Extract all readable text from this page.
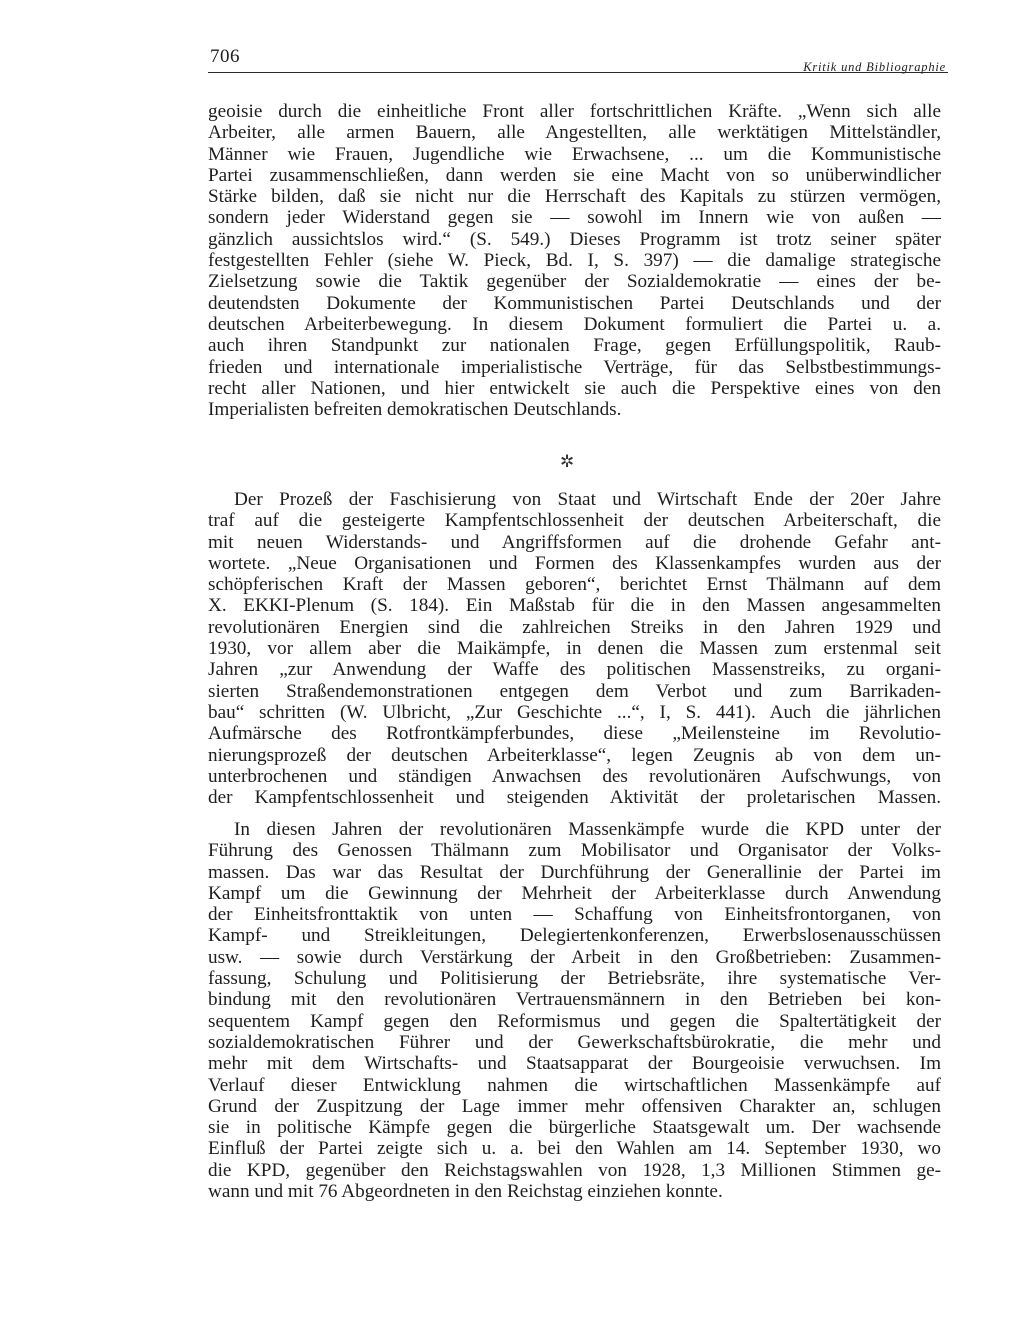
706	Kritik und Bibliographie

geoisie durch die einheitliche Front aller fortschrittlichen Kräfte. „Wenn sich alle
Arbeiter, alle armen Bauern, alle Angestellten, alle werktätigen Mittelständler,
Männer wie Frauen, Jugendliche wie Erwachsene, ... um die Kommunistische
Partei zusammenschließen, dann werden sie eine Macht von so unüberwindlicher
Stärke bilden, daß sie nicht nur die Herrschaft des Kapitals zu stürzen vermögen,
sondern jeder Widerstand gegen sie — sowohl im Innern wie von außen —
gänzlich aussichtslos wird.“ (S. 549.) Dieses Programm ist trotz seiner später
festgestellten Fehler (siehe W. Pieck, Bd. I, S. 397) — die damalige strategische
Zielsetzung sowie die Taktik gegenüber der Sozialdemokratie — eines der be-
deutendsten Dokumente der Kommunistischen Partei Deutschlands und der
deutschen Arbeiterbewegung. In diesem Dokument formuliert die Partei u. a.
auch ihren Standpunkt zur nationalen Frage, gegen Erfüllungspolitik, Raub-
frieden und internationale imperialistische Verträge, für das Selbstbestimmungs-
recht aller Nationen, und hier entwickelt sie auch die Perspektive eines von den
Imperialisten befreiten demokratischen Deutschlands.

✲

Der Prozeß der Faschisierung von Staat und Wirtschaft Ende der 20er Jahre
traf auf die gesteigerte Kampfentschlossenheit der deutschen Arbeiterschaft, die
mit neuen Widerstands- und Angriffsformen auf die drohende Gefahr ant-
wortete. „Neue Organisationen und Formen des Klassenkampfes wurden aus der
schöpferischen Kraft der Massen geboren“, berichtet Ernst Thälmann auf dem
X. EKKI-Plenum (S. 184). Ein Maßstab für die in den Massen angesammelten
revolutionären Energien sind die zahlreichen Streiks in den Jahren 1929 und
1930, vor allem aber die Maikämpfe, in denen die Massen zum erstenmal seit
Jahren „zur Anwendung der Waffe des politischen Massenstreiks, zu organi-
sierten Straßendemonstrationen entgegen dem Verbot und zum Barrikaden-
bau“ schritten (W. Ulbricht, „Zur Geschichte ...“, I, S. 441). Auch die jährlichen
Aufmärsche des Rotfrontkämpferbundes, diese „Meilensteine im Revolutio-
nierungsprozeß der deutschen Arbeiterklasse“, legen Zeugnis ab von dem un-
unterbrochenen und ständigen Anwachsen des revolutionären Aufschwungs, von
der Kampfentschlossenheit und steigenden Aktivität der proletarischen Massen.

In diesen Jahren der revolutionären Massenkämpfe wurde die KPD unter der
Führung des Genossen Thälmann zum Mobilisator und Organisator der Volks-
massen. Das war das Resultat der Durchführung der Generallinie der Partei im
Kampf um die Gewinnung der Mehrheit der Arbeiterklasse durch Anwendung
der Einheitsfronttaktik von unten — Schaffung von Einheitsfrontorganen, von
Kampf- und Streikleitungen, Delegiertenkonferenzen, Erwerbslosenausschüssen
usw. — sowie durch Verstärkung der Arbeit in den Großbetrieben: Zusammen-
fassung, Schulung und Politisierung der Betriebsräte, ihre systematische Ver-
bindung mit den revolutionären Vertrauensmännern in den Betrieben bei kon-
sequentem Kampf gegen den Reformismus und gegen die Spaltertätigkeit der
sozialdemokratischen Führer und der Gewerkschaftsbürokratie, die mehr und
mehr mit dem Wirtschafts- und Staatsapparat der Bourgeoisie verwuchsen. Im
Verlauf dieser Entwicklung nahmen die wirtschaftlichen Massenkämpfe auf
Grund der Zuspitzung der Lage immer mehr offensiven Charakter an, schlugen
sie in politische Kämpfe gegen die bürgerliche Staatsgewalt um. Der wachsende
Einfluß der Partei zeigte sich u. a. bei den Wahlen am 14. September 1930, wo
die KPD, gegenüber den Reichstagswahlen von 1928, 1,3 Millionen Stimmen ge-
wann und mit 76 Abgeordneten in den Reichstag einziehen konnte.
